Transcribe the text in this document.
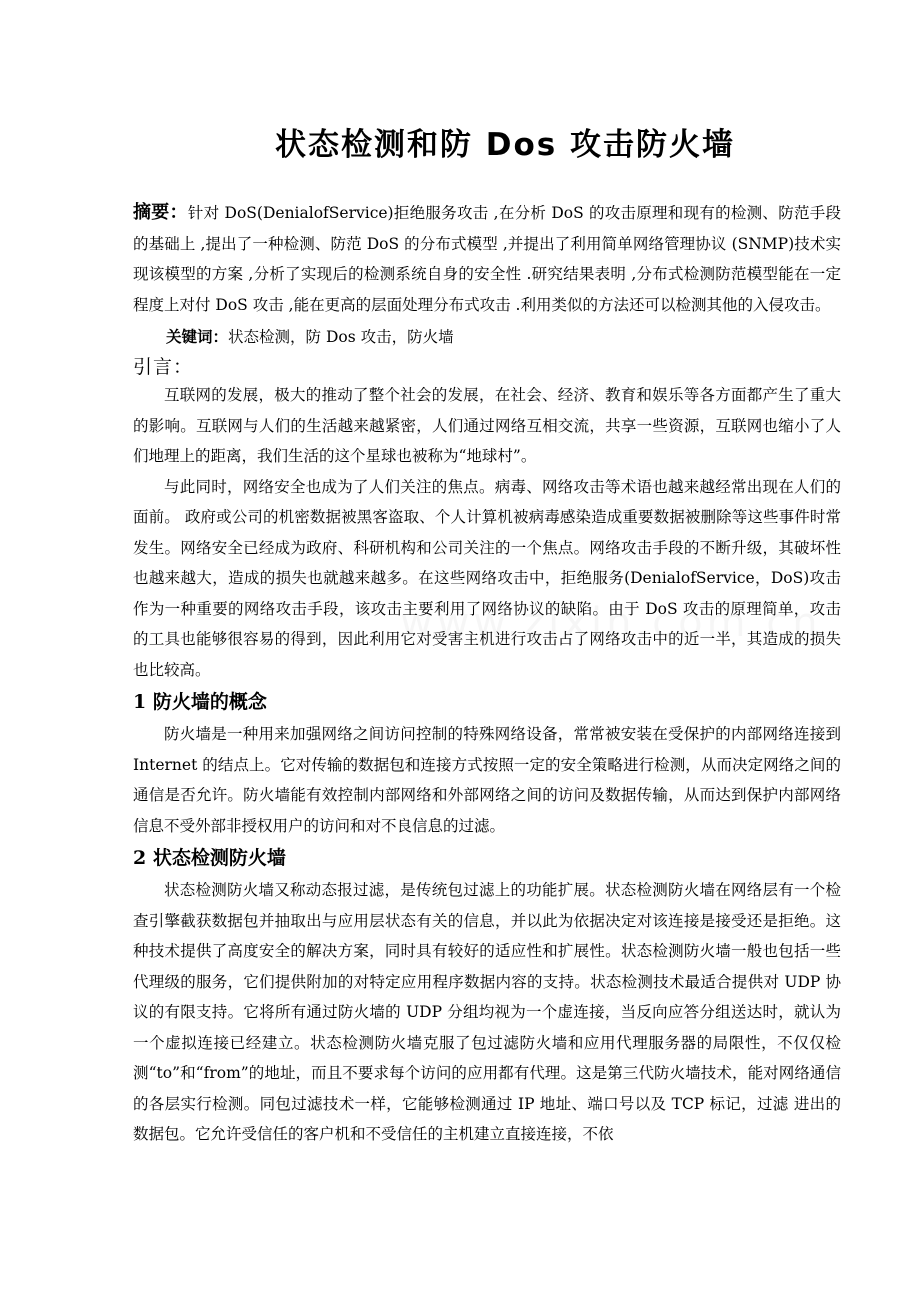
状态检测和防 Dos 攻击防火墙

摘要：针对 DoS(DenialofService)拒绝服务攻击 ,在分析 DoS 的攻击原理和现有的检测、防范手段的基础上 ,提出了一种检测、防范 DoS 的分布式模型 ,并提出了利用简单网络管理协议 (SNMP)技术实现该模型的方案 ,分析了实现后的检测系统自身的安全性 .研究结果表明 ,分布式检测防范模型能在一定程度上对付 DoS 攻击 ,能在更高的层面处理分布式攻击 .利用类似的方法还可以检测其他的入侵攻击。

关键词：状态检测，防 Dos 攻击，防火墙

引言：

互联网的发展，极大的推动了整个社会的发展，在社会、经济、教育和娱乐等各方面都产生了重大的影响。互联网与人们的生活越来越紧密，人们通过网络互相交流，共享一些资源，互联网也缩小了人们地理上的距离，我们生活的这个星球也被称为“地球村”。

与此同时，网络安全也成为了人们关注的焦点。病毒、网络攻击等术语也越来越经常出现在人们的面前。 政府或公司的机密数据被黑客盗取、个人计算机被病毒感染造成重要数据被删除等这些事件时常发生。网络安全已经成为政府、科研机构和公司关注的一个焦点。网络攻击手段的不断升级，其破坏性也越来越大，造成的损失也就越来越多。在这些网络攻击中，拒绝服务(DenialofService，DoS)攻击作为一种重要的网络攻击手段，该攻击主要利用了网络协议的缺陷。由于 DoS 攻击的原理简单，攻击的工具也能够很容易的得到，因此利用它对受害主机进行攻击占了网络攻击中的近一半，其造成的损失也比较高。

1 防火墙的概念

防火墙是一种用来加强网络之间访问控制的特殊网络设备，常常被安装在受保护的内部网络连接到 Internet 的结点上。它对传输的数据包和连接方式按照一定的安全策略进行检测，从而决定网络之间的通信是否允许。防火墙能有效控制内部网络和外部网络之间的访问及数据传输，从而达到保护内部网络信息不受外部非授权用户的访问和对不良信息的过滤。

2 状态检测防火墙

状态检测防火墙又称动态报过滤，是传统包过滤上的功能扩展。状态检测防火墙在网络层有一个检查引擎截获数据包并抽取出与应用层状态有关的信息，并以此为依据决定对该连接是接受还是拒绝。这种技术提供了高度安全的解决方案，同时具有较好的适应性和扩展性。状态检测防火墙一般也包括一些代理级的服务，它们提供附加的对特定应用程序数据内容的支持。状态检测技术最适合提供对 UDP 协议的有限支持。它将所有通过防火墙的 UDP 分组均视为一个虚连接，当反向应答分组送达时，就认为一个虚拟连接已经建立。状态检测防火墙克服了包过滤防火墙和应用代理服务器的局限性，不仅仅检测“to”和“from”的地址，而且不要求每个访问的应用都有代理。这是第三代防火墙技术，能对网络通信的各层实行检测。同包过滤技术一样，它能够检测通过 IP 地址、端口号以及 TCP 标记，过滤 进出的数据包。它允许受信任的客户机和不受信任的主机建立直接连接，不依
